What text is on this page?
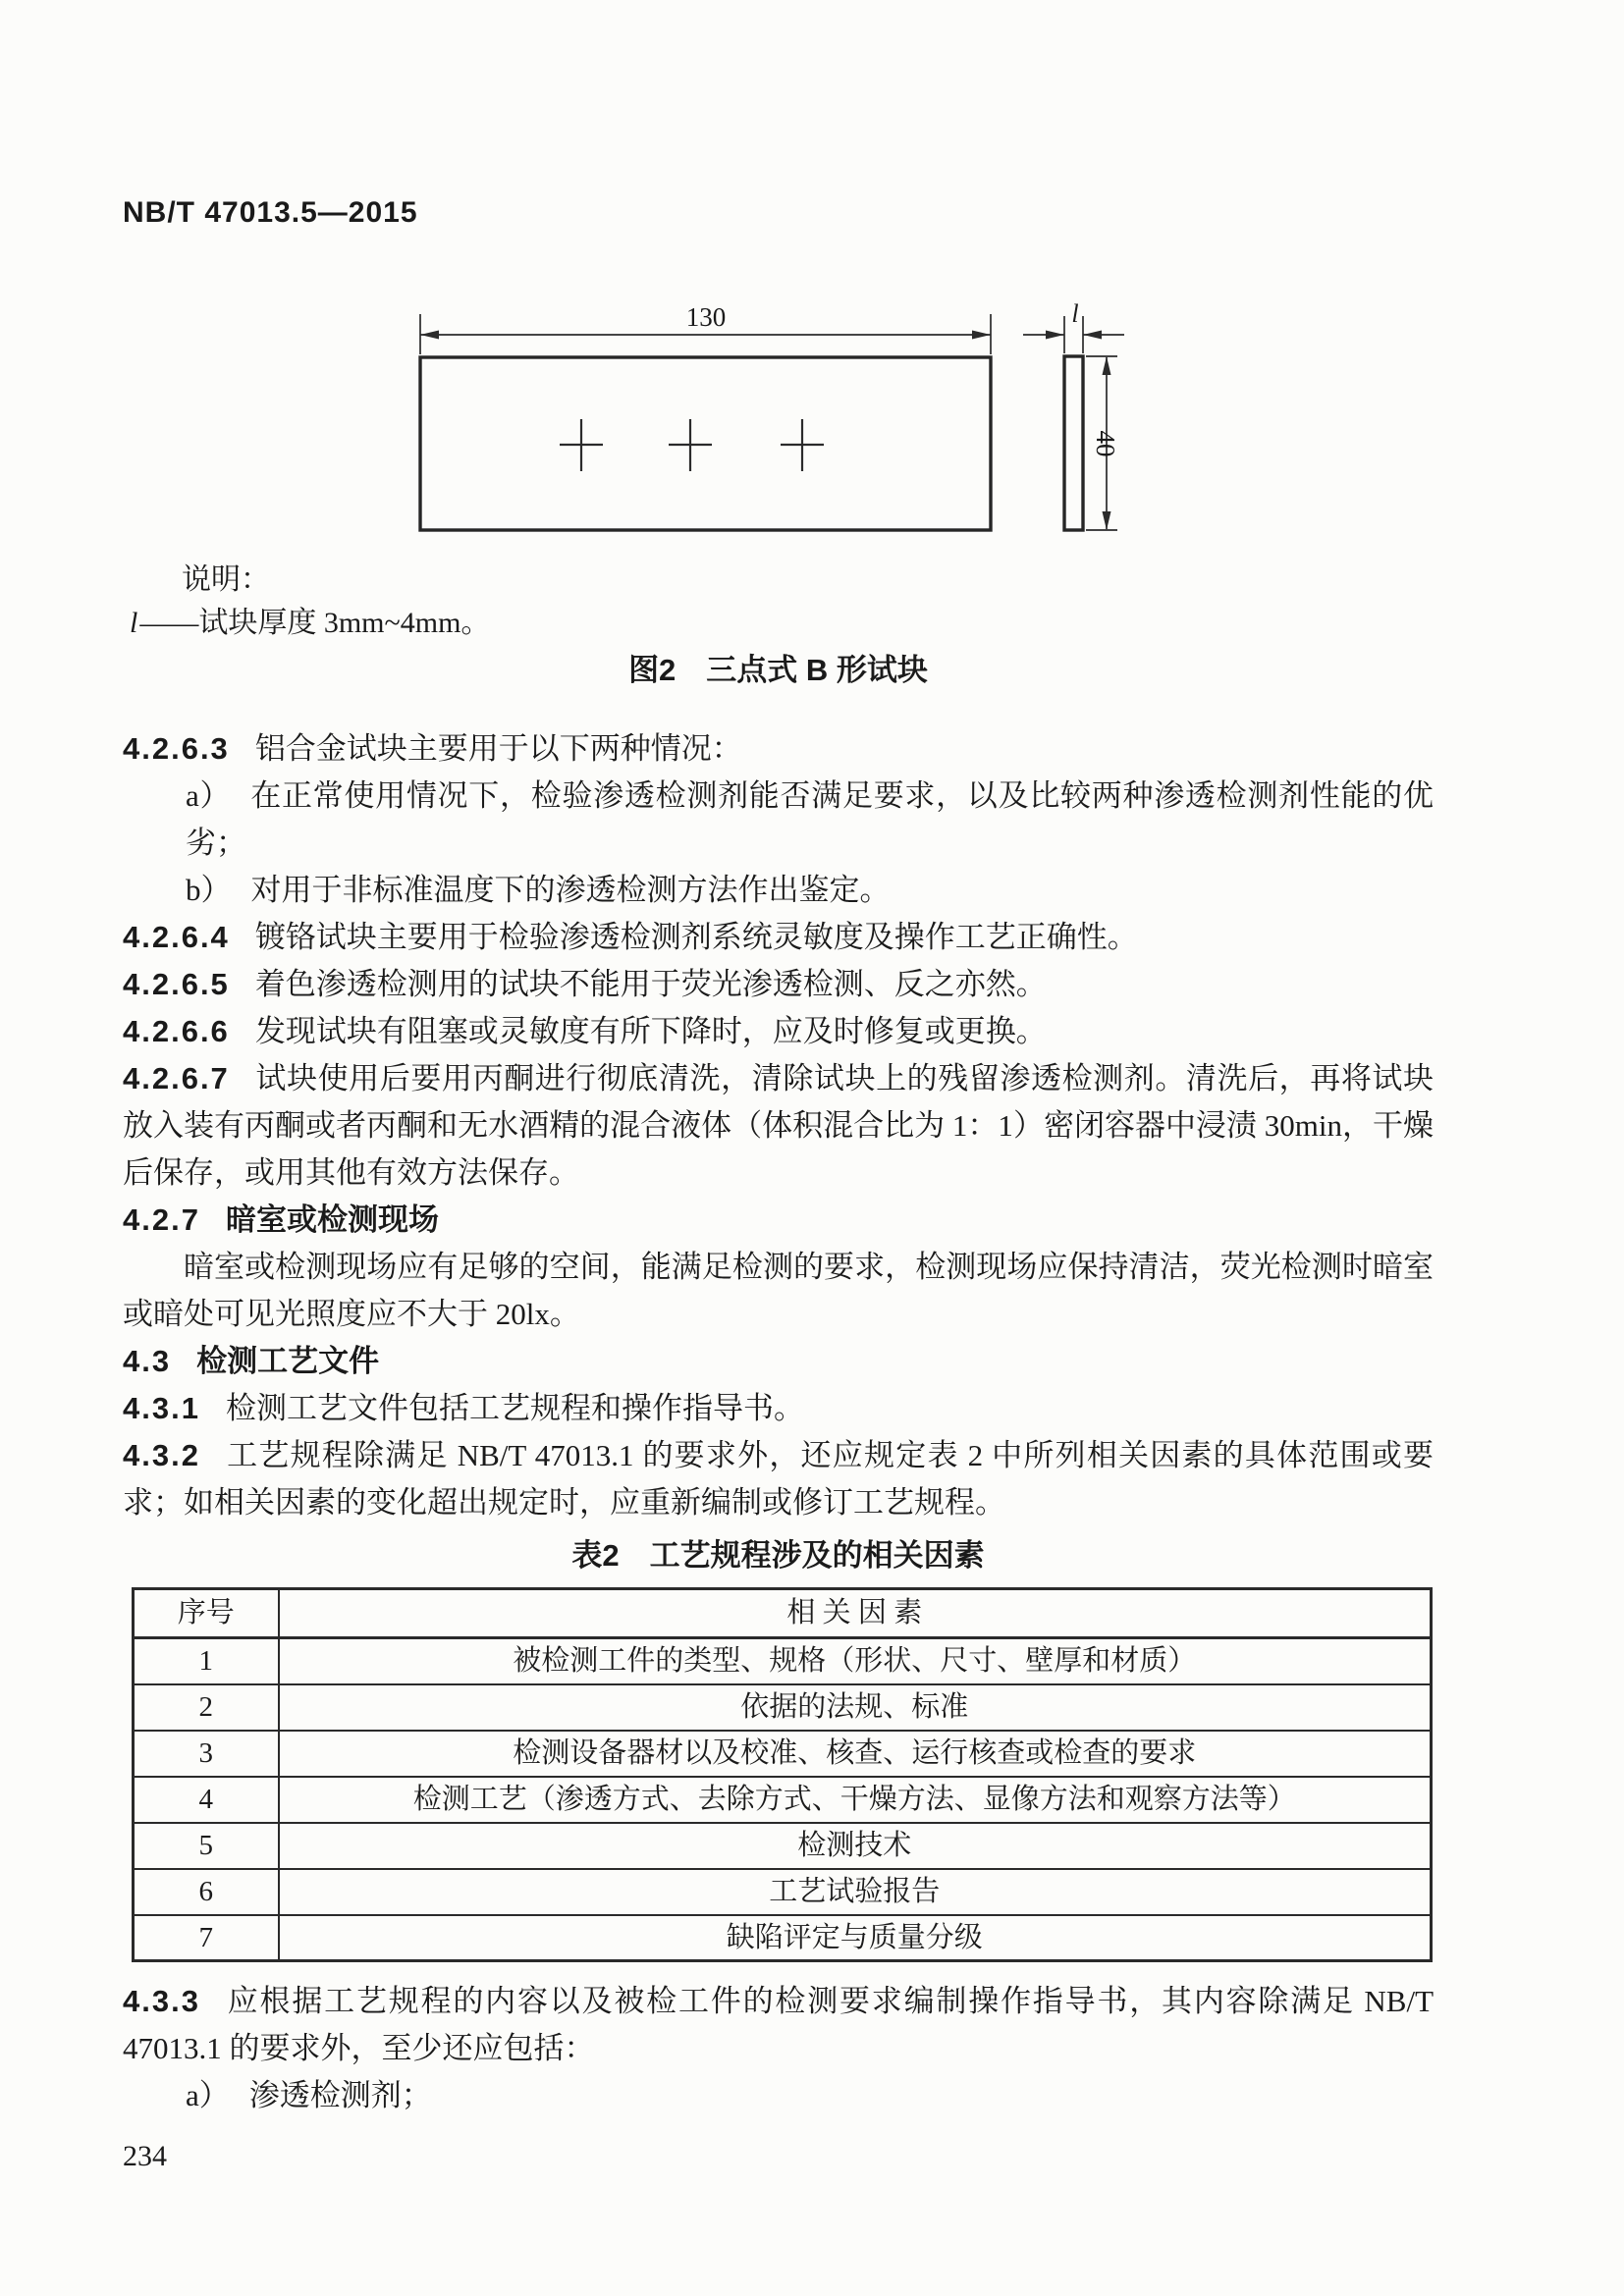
NB/T 47013.5—2015
130	l
40
说明：
l——试块厚度 3mm~4mm。
图2　三点式 B 形试块

4.2.6.3 铝合金试块主要用于以下两种情况：

a） 在正常使用情况下，检验渗透检测剂能否满足要求，以及比较两种渗透检测剂性能的优劣；

b） 对用于非标准温度下的渗透检测方法作出鉴定。

4.2.6.4 镀铬试块主要用于检验渗透检测剂系统灵敏度及操作工艺正确性。

4.2.6.5 着色渗透检测用的试块不能用于荧光渗透检测、反之亦然。

4.2.6.6 发现试块有阻塞或灵敏度有所下降时，应及时修复或更换。

4.2.6.7 试块使用后要用丙酮进行彻底清洗，清除试块上的残留渗透检测剂。清洗后，再将试块放入装有丙酮或者丙酮和无水酒精的混合液体（体积混合比为 1：1）密闭容器中浸渍 30min，干燥后保存，或用其他有效方法保存。

4.2.7 暗室或检测现场

暗室或检测现场应有足够的空间，能满足检测的要求，检测现场应保持清洁，荧光检测时暗室或暗处可见光照度应不大于 20lx。

4.3 检测工艺文件

4.3.1 检测工艺文件包括工艺规程和操作指导书。

4.3.2 工艺规程除满足 NB/T 47013.1 的要求外，还应规定表 2 中所列相关因素的具体范围或要求；如相关因素的变化超出规定时，应重新编制或修订工艺规程。

表2　工艺规程涉及的相关因素
序号	相 关 因 素
1	被检测工件的类型、规格（形状、尺寸、壁厚和材质）
2	依据的法规、标准
3	检测设备器材以及校准、核查、运行核查或检查的要求
4	检测工艺（渗透方式、去除方式、干燥方法、显像方法和观察方法等）
5	检测技术
6	工艺试验报告
7	缺陷评定与质量分级

4.3.3 应根据工艺规程的内容以及被检工件的检测要求编制操作指导书，其内容除满足 NB/T 47013.1 的要求外，至少还应包括：

a） 渗透检测剂；

234
